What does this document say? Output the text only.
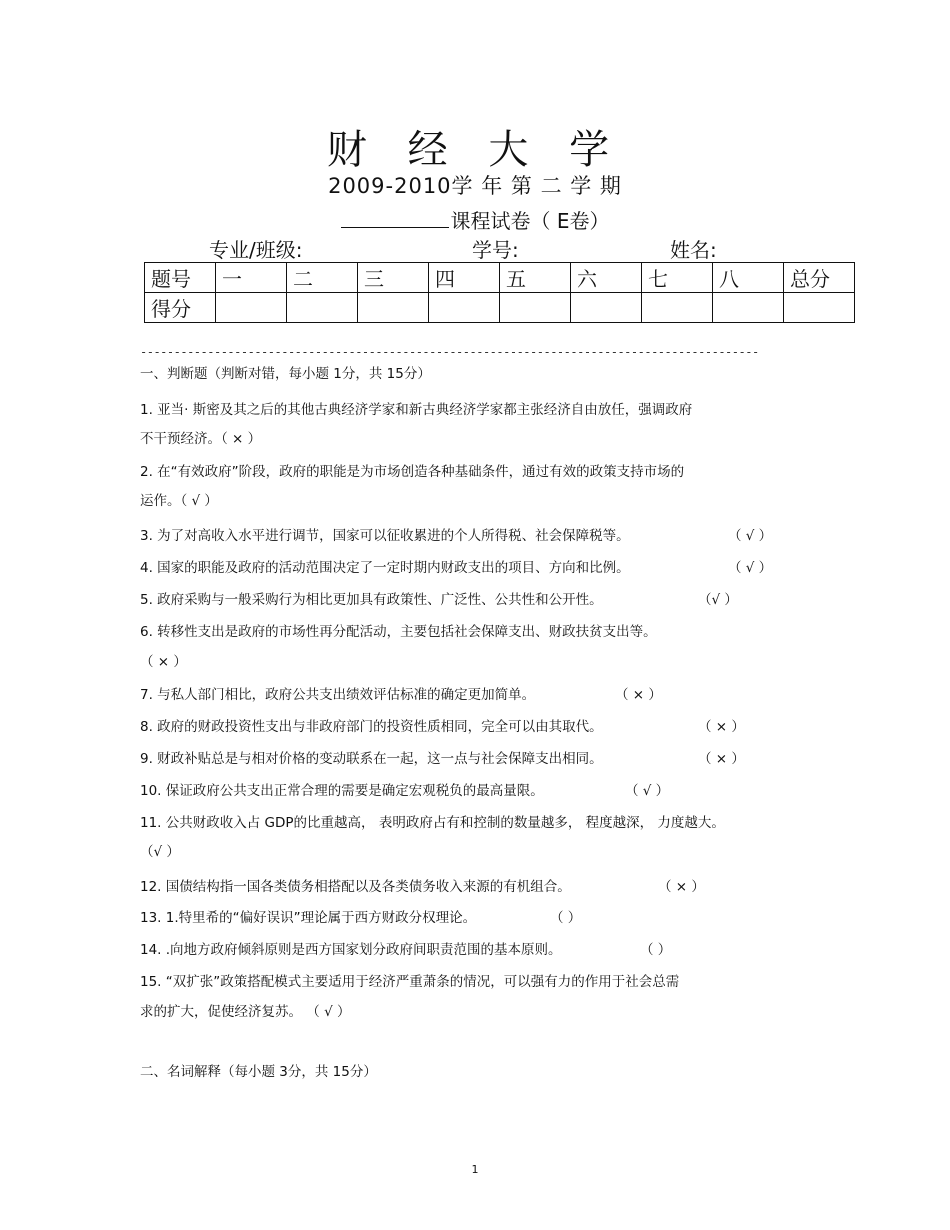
财 经 大 学
2009-2010学 年 第 二 学 期
课程试卷（ E卷）
专业/班级:	学号:	姓名:
题号	一	二	三	四	五	六	七	八	总分
得分									
--------------------------------------------------------------------------------------------
一、判断题（判断对错，每小题 1分，共 15分）
1. 亚当· 斯密及其之后的其他古典经济学家和新古典经济学家都主张经济自由放任，强调政府
不干预经济。（ × ）
2. 在“有效政府”阶段，政府的职能是为市场创造各种基础条件，通过有效的政策支持市场的
运作。（ √ ）
3. 为了对高收入水平进行调节，国家可以征收累进的个人所得税、社会保障税等。	（ √ ）
4. 国家的职能及政府的活动范围决定了一定时期内财政支出的项目、方向和比例。	（ √ ）
5. 政府采购与一般采购行为相比更加具有政策性、广泛性、公共性和公开性。	（√ ）
6. 转移性支出是政府的市场性再分配活动，主要包括社会保障支出、财政扶贫支出等。
（ × ）
7. 与私人部门相比，政府公共支出绩效评估标准的确定更加简单。	（ × ）
8. 政府的财政投资性支出与非政府部门的投资性质相同，完全可以由其取代。	（ × ）
9. 财政补贴总是与相对价格的变动联系在一起，这一点与社会保障支出相同。	（ × ）
10. 保证政府公共支出正常合理的需要是确定宏观税负的最高量限。	（ √ ）
11. 公共财政收入占 GDP的比重越高， 表明政府占有和控制的数量越多， 程度越深， 力度越大。
（√ ）
12. 国债结构指一国各类债务相搭配以及各类债务收入来源的有机组合。	（ × ）
13. 1.特里希的“偏好误识”理论属于西方财政分权理论。	（ ）
14. .向地方政府倾斜原则是西方国家划分政府间职责范围的基本原则。	（ ）
15. “双扩张”政策搭配模式主要适用于经济严重萧条的情况，可以强有力的作用于社会总需
求的扩大，促使经济复苏。 （ √ ）
二、名词解释（每小题 3分，共 15分）
1
